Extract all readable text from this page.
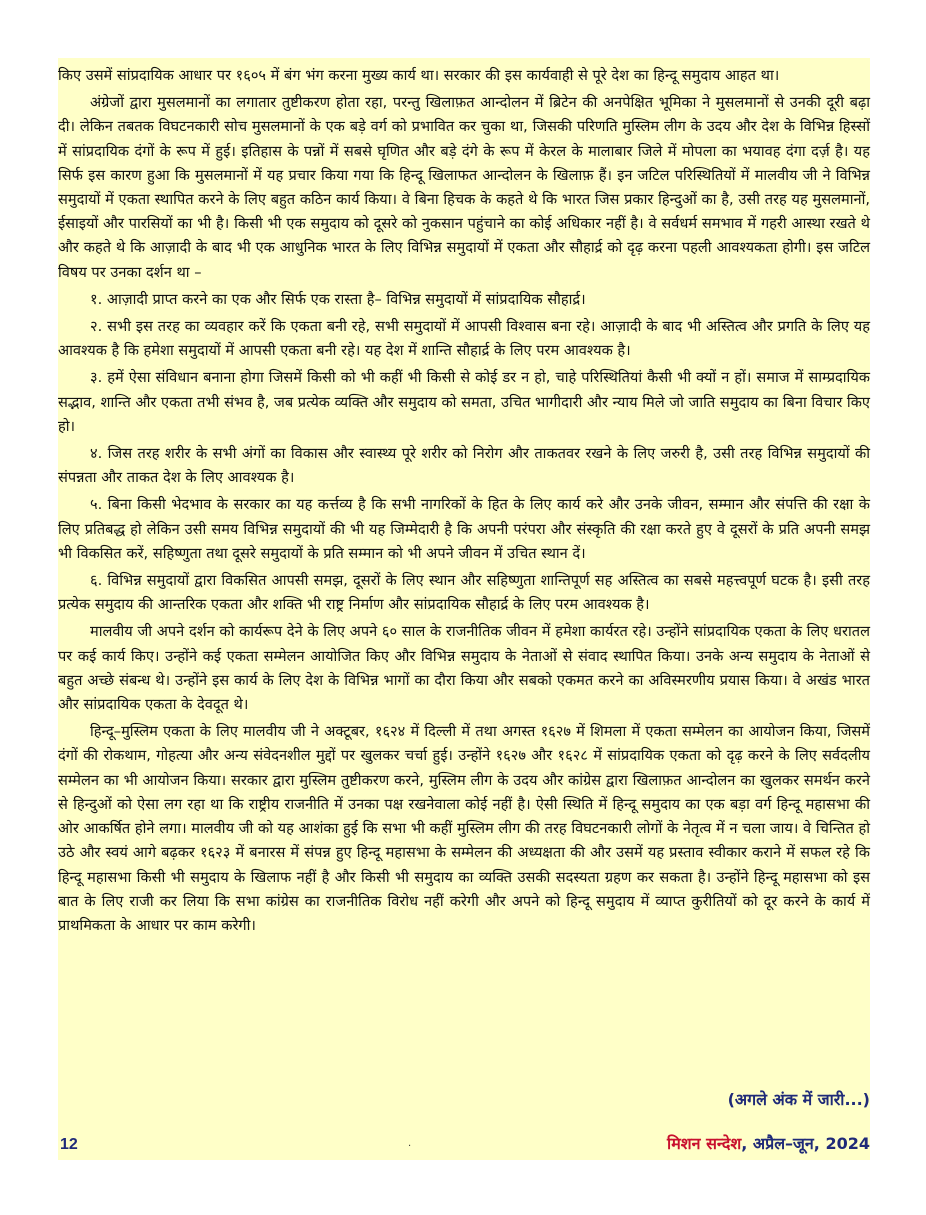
किए उसमें सांप्रदायिक आधार पर १६०५ में बंग भंग करना मुख्य कार्य था। सरकार की इस कार्यवाही से पूरे देश का हिन्दू समुदाय आहत था।

अंग्रेजों द्वारा मुसलमानों का लगातार तुष्टीकरण होता रहा, परन्तु खिलाफ़त आन्दोलन में ब्रिटेन की अनपेक्षित भूमिका ने मुसलमानों से उनकी दूरी बढ़ा दी। लेकिन तबतक विघटनकारी सोच मुसलमानों के एक बड़े वर्ग को प्रभावित कर चुका था, जिसकी परिणति मुस्लिम लीग के उदय और देश के विभिन्न हिस्सों में सांप्रदायिक दंगों के रूप में हुई। इतिहास के पन्नों में सबसे घृणित और बड़े दंगे के रूप में केरल के मालाबार जिले में मोपला का भयावह दंगा दर्ज़ है। यह सिर्फ इस कारण हुआ कि मुसलमानों में यह प्रचार किया गया कि हिन्दू खिलाफत आन्दोलन के खिलाफ़ हैं। इन जटिल परिस्थितियों में मालवीय जी ने विभिन्न समुदायों में एकता स्थापित करने के लिए बहुत कठिन कार्य किया। वे बिना हिचक के कहते थे कि भारत जिस प्रकार हिन्दुओं का है, उसी तरह यह मुसलमानों, ईसाइयों और पारसियों का भी है। किसी भी एक समुदाय को दूसरे को नुकसान पहुंचाने का कोई अधिकार नहीं है। वे सर्वधर्म समभाव में गहरी आस्था रखते थे और कहते थे कि आज़ादी के बाद भी एक आधुनिक भारत के लिए विभिन्न समुदायों में एकता और सौहार्द्र को दृढ़ करना पहली आवश्यकता होगी। इस जटिल विषय पर उनका दर्शन था –

१. आज़ादी प्राप्त करने का एक और सिर्फ एक रास्ता है– विभिन्न समुदायों में सांप्रदायिक सौहार्द्र।

२. सभी इस तरह का व्यवहार करें कि एकता बनी रहे, सभी समुदायों में आपसी विश्वास बना रहे। आज़ादी के बाद भी अस्तित्व और प्रगति के लिए यह आवश्यक है कि हमेशा समुदायों में आपसी एकता बनी रहे। यह देश में शान्ति सौहार्द्र के लिए परम आवश्यक है।

३. हमें ऐसा संविधान बनाना होगा जिसमें किसी को भी कहीं भी किसी से कोई डर न हो, चाहे परिस्थितियां कैसी भी क्यों न हों। समाज में साम्प्रदायिक सद्भाव, शान्ति और एकता तभी संभव है, जब प्रत्येक व्यक्ति और समुदाय को समता, उचित भागीदारी और न्याय मिले जो जाति समुदाय का बिना विचार किए हो।

४. जिस तरह शरीर के सभी अंगों का विकास और स्वास्थ्य पूरे शरीर को निरोग और ताकतवर रखने के लिए जरुरी है, उसी तरह विभिन्न समुदायों की संपन्नता और ताकत देश के लिए आवश्यक है।

५. बिना किसी भेदभाव के सरकार का यह कर्त्तव्य है कि सभी नागरिकों के हित के लिए कार्य करे और उनके जीवन, सम्मान और संपत्ति की रक्षा के लिए प्रतिबद्ध हो लेकिन उसी समय विभिन्न समुदायों की भी यह जिम्मेदारी है कि अपनी परंपरा और संस्कृति की रक्षा करते हुए वे दूसरों के प्रति अपनी समझ भी विकसित करें, सहिष्णुता तथा दूसरे समुदायों के प्रति सम्मान को भी अपने जीवन में उचित स्थान दें।

६. विभिन्न समुदायों द्वारा विकसित आपसी समझ, दूसरों के लिए स्थान और सहिष्णुता शान्तिपूर्ण सह अस्तित्व का सबसे महत्त्वपूर्ण घटक है। इसी तरह प्रत्येक समुदाय की आन्तरिक एकता और शक्ति भी राष्ट्र निर्माण और सांप्रदायिक सौहार्द्र के लिए परम आवश्यक है।

मालवीय जी अपने दर्शन को कार्यरूप देने के लिए अपने ६० साल के राजनीतिक जीवन में हमेशा कार्यरत रहे। उन्होंने सांप्रदायिक एकता के लिए धरातल पर कई कार्य किए। उन्होंने कई एकता सम्मेलन आयोजित किए और विभिन्न समुदाय के नेताओं से संवाद स्थापित किया। उनके अन्य समुदाय के नेताओं से बहुत अच्छे संबन्ध थे। उन्होंने इस कार्य के लिए देश के विभिन्न भागों का दौरा किया और सबको एकमत करने का अविस्मरणीय प्रयास किया। वे अखंड भारत और सांप्रदायिक एकता के देवदूत थे।

हिन्दू–मुस्लिम एकता के लिए मालवीय जी ने अक्टूबर, १६२४ में दिल्ली में तथा अगस्त १६२७ में शिमला में एकता सम्मेलन का आयोजन किया, जिसमें दंगों की रोकथाम, गोहत्या और अन्य संवेदनशील मुद्दों पर खुलकर चर्चा हुई। उन्होंने १६२७ और १६२८ में सांप्रदायिक एकता को दृढ़ करने के लिए सर्वदलीय सम्मेलन का भी आयोजन किया। सरकार द्वारा मुस्लिम तुष्टीकरण करने, मुस्लिम लीग के उदय और कांग्रेस द्वारा खिलाफ़त आन्दोलन का खुलकर समर्थन करने से हिन्दुओं को ऐसा लग रहा था कि राष्ट्रीय राजनीति में उनका पक्ष रखनेवाला कोई नहीं है। ऐसी स्थिति में हिन्दू समुदाय का एक बड़ा वर्ग हिन्दू महासभा की ओर आकर्षित होने लगा। मालवीय जी को यह आशंका हुई कि सभा भी कहीं मुस्लिम लीग की तरह विघटनकारी लोगों के नेतृत्व में न चला जाय। वे चिन्तित हो उठे और स्वयं आगे बढ़कर १६२३ में बनारस में संपन्न हुए हिन्दू महासभा के सम्मेलन की अध्यक्षता की और उसमें यह प्रस्ताव स्वीकार कराने में सफल रहे कि हिन्दू महासभा किसी भी समुदाय के खिलाफ नहीं है और किसी भी समुदाय का व्यक्ति उसकी सदस्यता ग्रहण कर सकता है। उन्होंने हिन्दू महासभा को इस बात के लिए राजी कर लिया कि सभा कांग्रेस का राजनीतिक विरोध नहीं करेगी और अपने को हिन्दू समुदाय में व्याप्त कुरीतियों को दूर करने के कार्य में प्राथमिकता के आधार पर काम करेगी।

(अगले अंक में जारी...)
12	.	मिशन सन्देश, अप्रैल–जून, 2024
